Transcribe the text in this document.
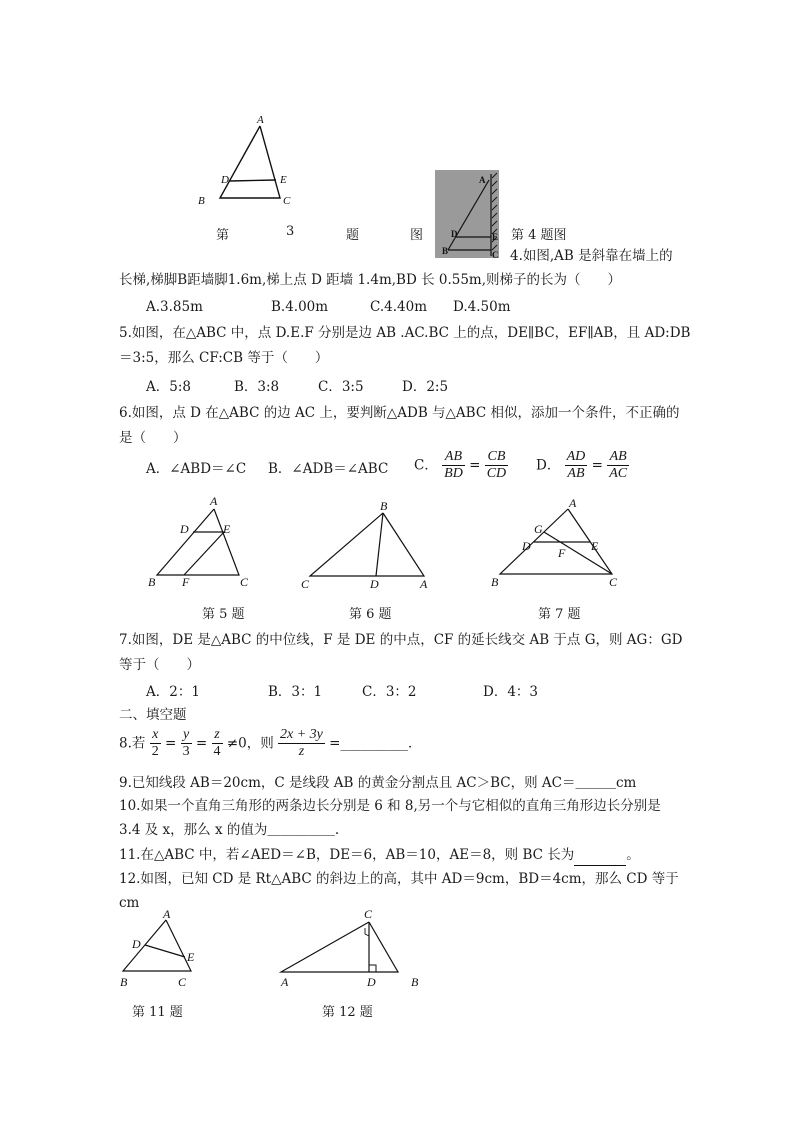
A
D	E
B	C
第	3	题	图
A
D	E
B	C
第 4 题图
4.如图,AB 是斜靠在墙上的
长梯,梯脚B距墙脚1.6m,梯上点 D 距墙 1.4m,BD 长 0.55m,则梯子的长为（　　）
A.3.85m	B.4.00m	C.4.40m D.4.50m
5.如图，在△ABC 中，点 D.E.F 分别是边 AB .AC.BC 上的点，DE∥BC，EF∥AB，且 AD:DB
＝3:5，那么 CF:CB 等于（　　）
A．5:8	B．3:8	C．3:5	D．2:5
6.如图，点 D 在△ABC 的边 AC 上，要判断△ADB 与△ABC 相似，添加一个条件，不正确的
是（　　）
A．∠ABD＝∠C B．∠ADB＝∠ABC C． $\frac{AB}{BD} = \frac{CB}{CD}$ D． $\frac{AD}{AB} = \frac{AB}{AC}$
A
D	E
B F	C
第 5 题
B
C	D	A
第 6 题
A
G
D	E
F
B	C
第 7 题
7.如图，DE 是△ABC 的中位线，F 是 DE 的中点，CF 的延长线交 AB 于点 G，则 AG：GD
等于（　　）
A．2：1	B．3：1	C．3：2	D．4：3
二、填空题
8.若 $\frac{x}{2} = \frac{y}{3} = \frac{z}{4} \ne 0$，则 $\frac{2x + 3y}{z}$ =__________．
9.已知线段 AB＝20cm，C 是线段 AB 的黄金分割点且 AC＞BC，则 AC＝＿＿＿cm
10.如果一个直角三角形的两条边长分别是 6 和 8,另一个与它相似的直角三角形边长分别是
3.4 及 x，那么 x 的值为＿＿＿＿＿.
11.在△ABC 中，若∠AED＝∠B，DE＝6，AB＝10，AE＝8，则 BC 长为	。
12.如图，已知 CD 是 Rt△ABC 的斜边上的高，其中 AD＝9cm，BD＝4cm，那么 CD 等于
cm
A
D
E
B	C
第 11 题
C
A	D	B
第 12 题
